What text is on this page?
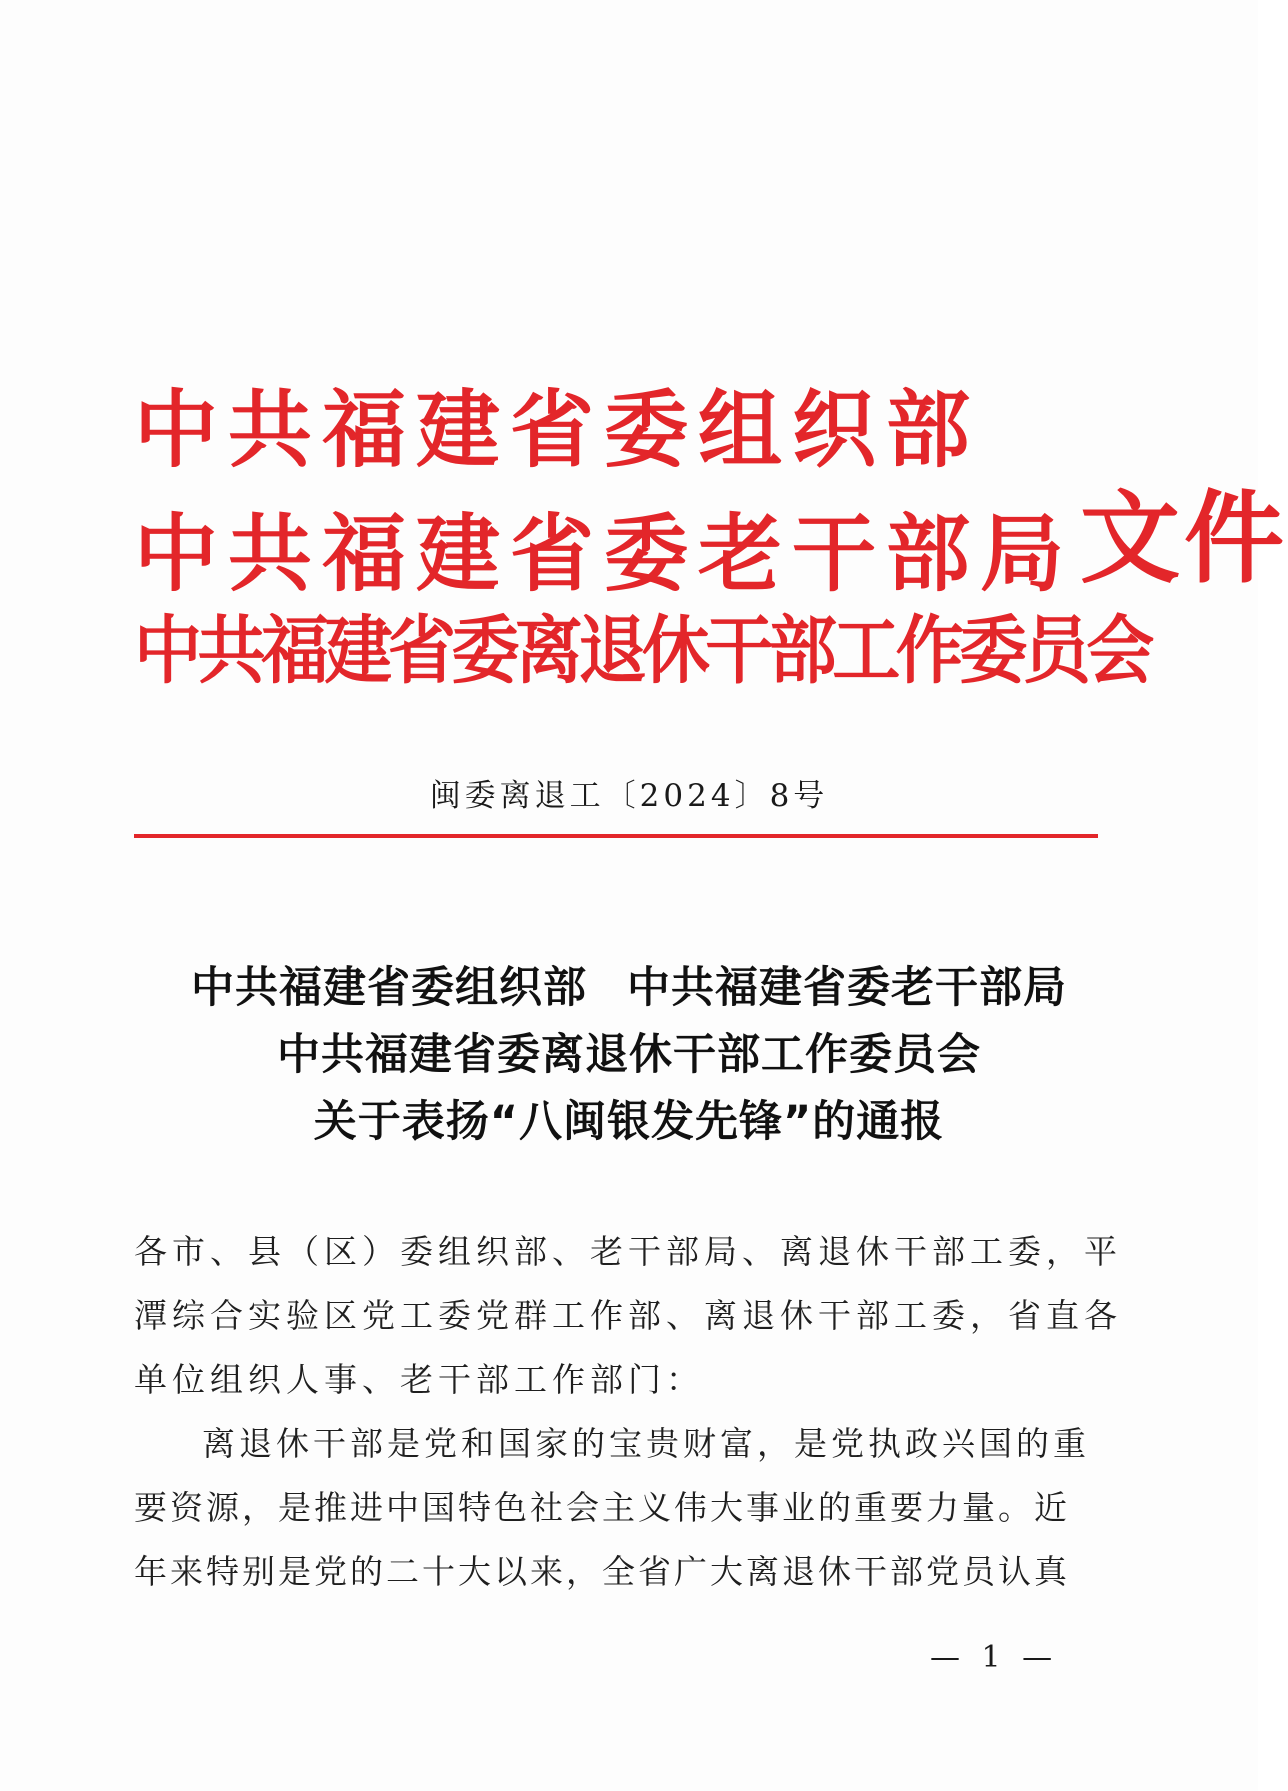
中共福建省委组织部
中共福建省委老干部局文件
中共福建省委离退休干部工作委员会
闽委离退工〔2024〕8号
中共福建省委组织部 中共福建省委老干部局
中共福建省委离退休干部工作委员会
关于表扬“八闽银发先锋”的通报
各市、县（区）委组织部、老干部局、离退休干部工委，平
潭综合实验区党工委党群工作部、离退休干部工委，省直各
单位组织人事、老干部工作部门：
离退休干部是党和国家的宝贵财富，是党执政兴国的重
要资源，是推进中国特色社会主义伟大事业的重要力量。近
年来特别是党的二十大以来，全省广大离退休干部党员认真
— 1 —
